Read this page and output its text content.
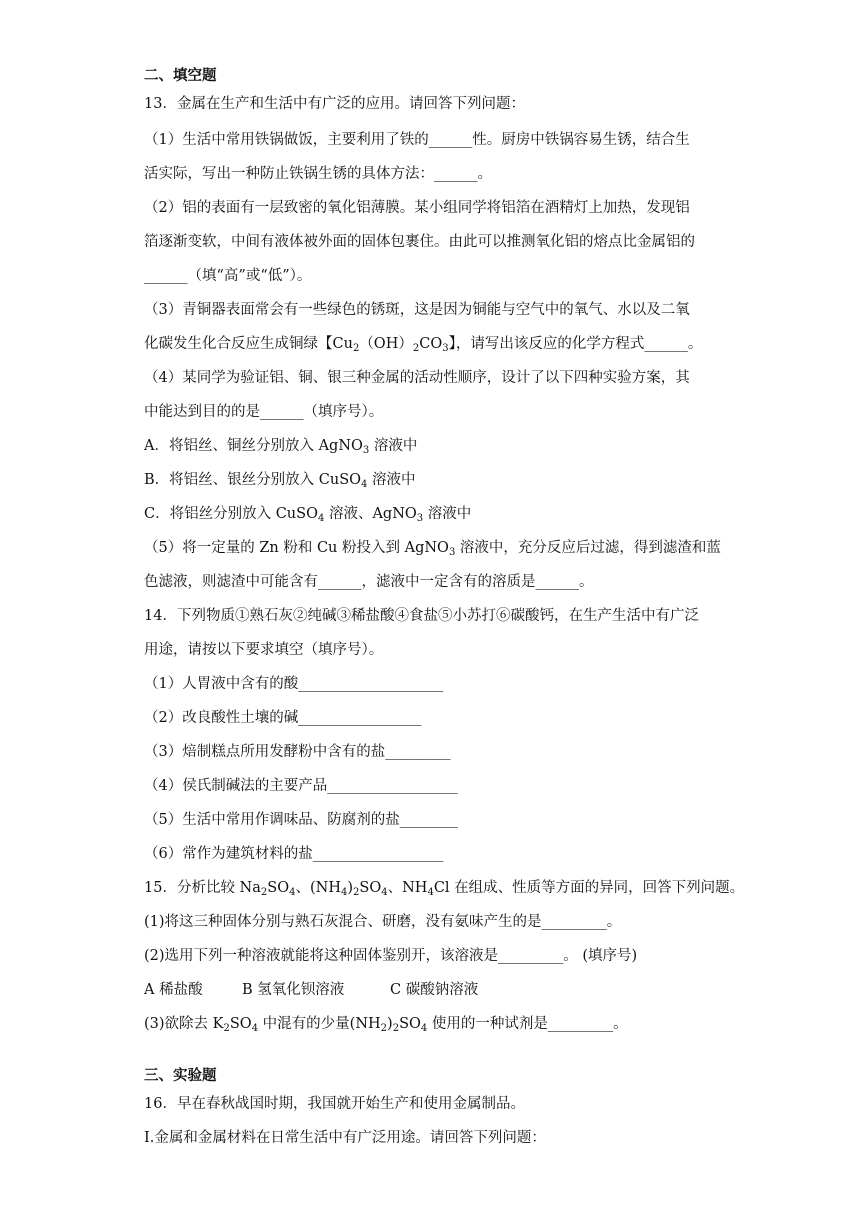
二、填空题
13．金属在生产和生活中有广泛的应用。请回答下列问题：
（1）生活中常用铁锅做饭，主要利用了铁的______性。厨房中铁锅容易生锈，结合生
活实际，写出一种防止铁锅生锈的具体方法：______。
（2）铝的表面有一层致密的氧化铝薄膜。某小组同学将铝箔在酒精灯上加热，发现铝
箔逐渐变软，中间有液体被外面的固体包裹住。由此可以推测氧化铝的熔点比金属铝的
______（填“高”或“低”）。
（3）青铜器表面常会有一些绿色的锈斑，这是因为铜能与空气中的氧气、水以及二氧
化碳发生化合反应生成铜绿【$Cu_2(OH)_2CO_3$】，请写出该反应的化学方程式______。
（4）某同学为验证铝、铜、银三种金属的活动性顺序，设计了以下四种实验方案，其
中能达到目的的是______（填序号）。
A．将铝丝、铜丝分别放入 AgNO$_3$ 溶液中
B．将铝丝、银丝分别放入 CuSO$_4$ 溶液中
C．将铝丝分别放入 CuSO$_4$ 溶液、AgNO$_3$ 溶液中
（5）将一定量的 Zn 粉和 Cu 粉投入到 AgNO$_3$ 溶液中，充分反应后过滤，得到滤渣和蓝
色滤液，则滤渣中可能含有______，滤液中一定含有的溶质是______。
14．下列物质①熟石灰②纯碱③稀盐酸④食盐⑤小苏打⑥碳酸钙，在生产生活中有广泛
用途，请按以下要求填空（填序号）。
（1）人胃液中含有的酸____________________
（2）改良酸性土壤的碱_________________
（3）焙制糕点所用发酵粉中含有的盐_________
（4）侯氏制碱法的主要产品__________________
（5）生活中常用作调味品、防腐剂的盐________
（6）常作为建筑材料的盐__________________
15．分析比较 $Na_2SO_4$、$(NH_4)_2SO_4$、$NH_4Cl$ 在组成、性质等方面的异同，回答下列问题。
(1)将这三种固体分别与熟石灰混合、研磨，没有氨味产生的是_________。
(2)选用下列一种溶液就能将这种固体鉴别开，该溶液是_________。 (填序号)
A 稀盐酸	B 氢氧化钡溶液	C 碳酸钠溶液
(3)欲除去 $K_2SO_4$ 中混有的少量$(NH_2)_2SO_4$ 使用的一种试剂是_________。
三、实验题
16．早在春秋战国时期，我国就开始生产和使用金属制品。
I.金属和金属材料在日常生活中有广泛用途。请回答下列问题：
